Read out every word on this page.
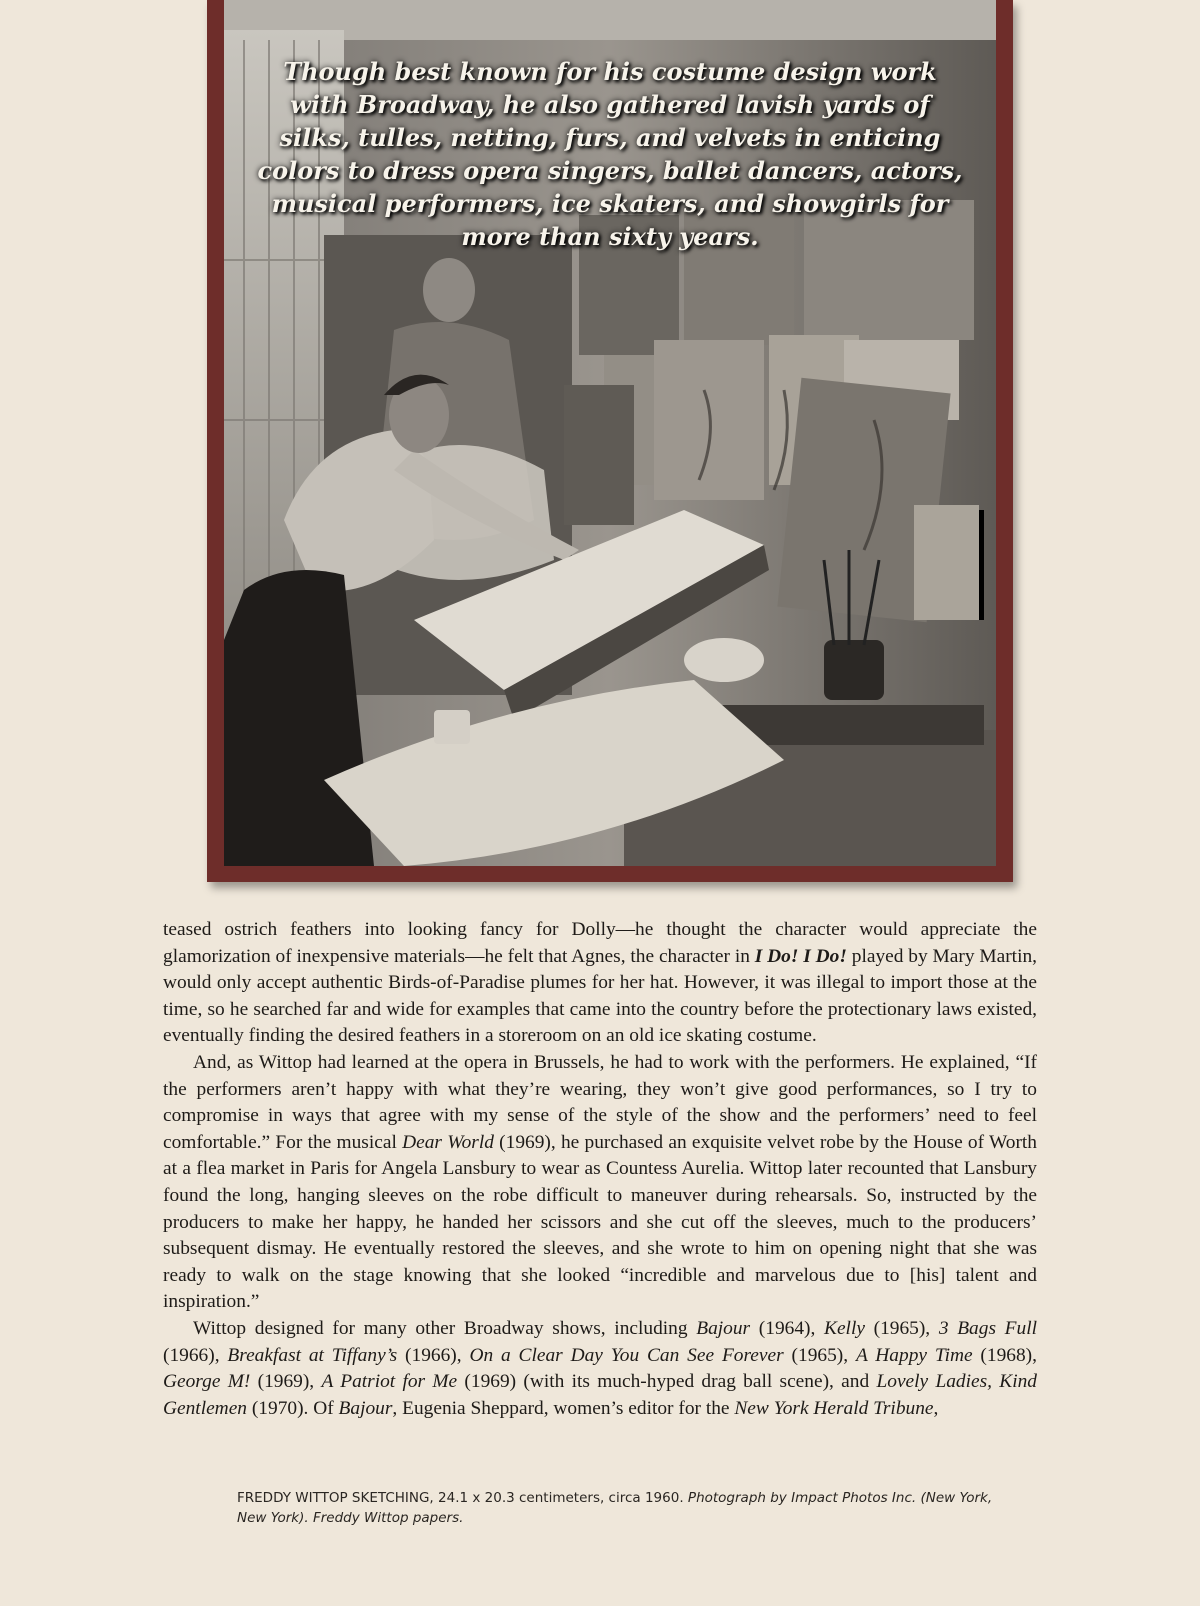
Though best known for his costume design work with Broadway, he also gathered lavish yards of silks, tulles, netting, furs, and velvets in enticing colors to dress opera singers, ballet dancers, actors, musical performers, ice skaters, and showgirls for more than sixty years.

teased ostrich feathers into looking fancy for Dolly—he thought the character would appreciate the glamorization of inexpensive materials—he felt that Agnes, the character in I Do! I Do! played by Mary Martin, would only accept authentic Birds-of-Paradise plumes for her hat. However, it was illegal to import those at the time, so he searched far and wide for examples that came into the country before the protectionary laws existed, eventually finding the desired feathers in a storeroom on an old ice skating costume.

And, as Wittop had learned at the opera in Brussels, he had to work with the performers. He explained, “If the performers aren’t happy with what they’re wearing, they won’t give good performances, so I try to compromise in ways that agree with my sense of the style of the show and the performers’ need to feel comfortable.” For the musical Dear World (1969), he purchased an exquisite velvet robe by the House of Worth at a flea market in Paris for Angela Lansbury to wear as Countess Aurelia. Wittop later recounted that Lansbury found the long, hanging sleeves on the robe difficult to maneuver during rehearsals. So, instructed by the producers to make her happy, he handed her scissors and she cut off the sleeves, much to the producers’ subsequent dismay. He eventually restored the sleeves, and she wrote to him on opening night that she was ready to walk on the stage knowing that she looked “incredible and marvelous due to [his] talent and inspiration.”

Wittop designed for many other Broadway shows, including Bajour (1964), Kelly (1965), 3 Bags Full (1966), Breakfast at Tiffany’s (1966), On a Clear Day You Can See Forever (1965), A Happy Time (1968), George M! (1969), A Patriot for Me (1969) (with its much-hyped drag ball scene), and Lovely Ladies, Kind Gentlemen (1970). Of Bajour, Eugenia Sheppard, women’s editor for the New York Herald Tribune,

FREDDY WITTOP SKETCHING, 24.1 x 20.3 centimeters, circa 1960. Photograph by Impact Photos Inc. (New York, New York). Freddy Wittop papers.
